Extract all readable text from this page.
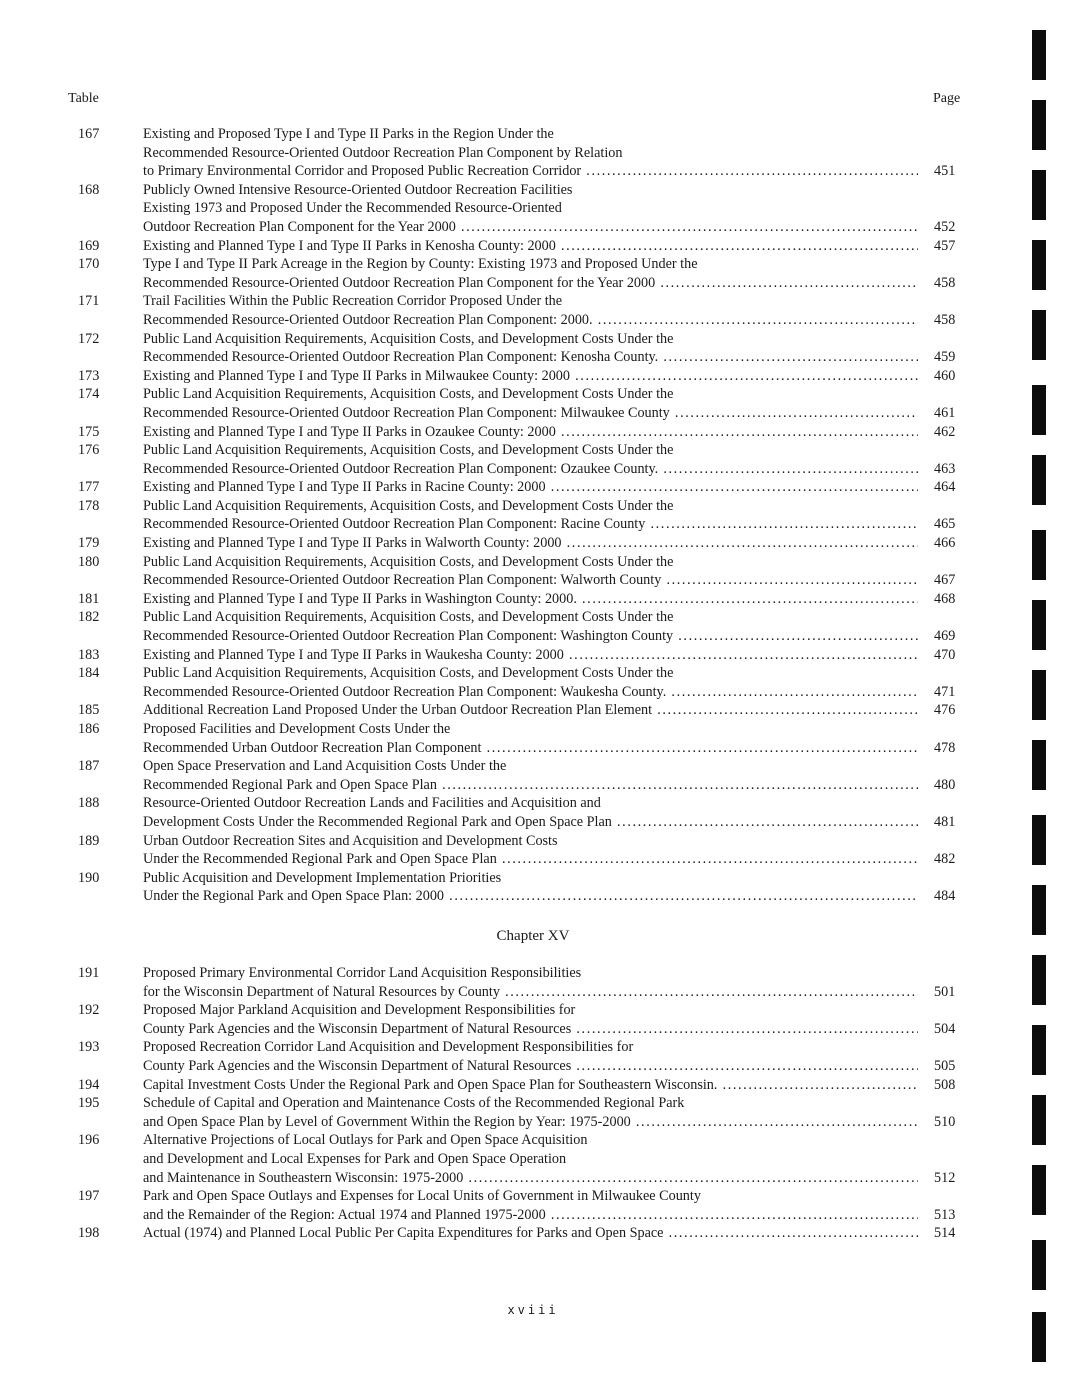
Table	Page
167	Existing and Proposed Type I and Type II Parks in the Region Under the
Recommended Resource-Oriented Outdoor Recreation Plan Component by Relation
to Primary Environmental Corridor and Proposed Public Recreation Corridor .....	451
168	Publicly Owned Intensive Resource-Oriented Outdoor Recreation Facilities
Existing 1973 and Proposed Under the Recommended Resource-Oriented
Outdoor Recreation Plan Component for the Year 2000 .....	452
169	Existing and Planned Type I and Type II Parks in Kenosha County: 2000 .....	457
170	Type I and Type II Park Acreage in the Region by County: Existing 1973 and Proposed Under the
Recommended Resource-Oriented Outdoor Recreation Plan Component for the Year 2000 .....	458
171	Trail Facilities Within the Public Recreation Corridor Proposed Under the
Recommended Resource-Oriented Outdoor Recreation Plan Component: 2000. .....	458
172	Public Land Acquisition Requirements, Acquisition Costs, and Development Costs Under the
Recommended Resource-Oriented Outdoor Recreation Plan Component: Kenosha County. .....	459
173	Existing and Planned Type I and Type II Parks in Milwaukee County: 2000 .....	460
174	Public Land Acquisition Requirements, Acquisition Costs, and Development Costs Under the
Recommended Resource-Oriented Outdoor Recreation Plan Component: Milwaukee County .....	461
175	Existing and Planned Type I and Type II Parks in Ozaukee County: 2000 .....	462
176	Public Land Acquisition Requirements, Acquisition Costs, and Development Costs Under the
Recommended Resource-Oriented Outdoor Recreation Plan Component: Ozaukee County. .....	463
177	Existing and Planned Type I and Type II Parks in Racine County: 2000 .....	464
178	Public Land Acquisition Requirements, Acquisition Costs, and Development Costs Under the
Recommended Resource-Oriented Outdoor Recreation Plan Component: Racine County .....	465
179	Existing and Planned Type I and Type II Parks in Walworth County: 2000 .....	466
180	Public Land Acquisition Requirements, Acquisition Costs, and Development Costs Under the
Recommended Resource-Oriented Outdoor Recreation Plan Component: Walworth County .....	467
181	Existing and Planned Type I and Type II Parks in Washington County: 2000. .....	468
182	Public Land Acquisition Requirements, Acquisition Costs, and Development Costs Under the
Recommended Resource-Oriented Outdoor Recreation Plan Component: Washington County .....	469
183	Existing and Planned Type I and Type II Parks in Waukesha County: 2000 .....	470
184	Public Land Acquisition Requirements, Acquisition Costs, and Development Costs Under the
Recommended Resource-Oriented Outdoor Recreation Plan Component: Waukesha County. .....	471
185	Additional Recreation Land Proposed Under the Urban Outdoor Recreation Plan Element .....	476
186	Proposed Facilities and Development Costs Under the
Recommended Urban Outdoor Recreation Plan Component .....	478
187	Open Space Preservation and Land Acquisition Costs Under the
Recommended Regional Park and Open Space Plan .....	480
188	Resource-Oriented Outdoor Recreation Lands and Facilities and Acquisition and
Development Costs Under the Recommended Regional Park and Open Space Plan .....	481
189	Urban Outdoor Recreation Sites and Acquisition and Development Costs
Under the Recommended Regional Park and Open Space Plan .....	482
190	Public Acquisition and Development Implementation Priorities
Under the Regional Park and Open Space Plan: 2000 .....	484
Chapter XV
191	Proposed Primary Environmental Corridor Land Acquisition Responsibilities
for the Wisconsin Department of Natural Resources by County .....	501
192	Proposed Major Parkland Acquisition and Development Responsibilities for
County Park Agencies and the Wisconsin Department of Natural Resources .....	504
193	Proposed Recreation Corridor Land Acquisition and Development Responsibilities for
County Park Agencies and the Wisconsin Department of Natural Resources .....	505
194	Capital Investment Costs Under the Regional Park and Open Space Plan for Southeastern Wisconsin. .....	508
195	Schedule of Capital and Operation and Maintenance Costs of the Recommended Regional Park
and Open Space Plan by Level of Government Within the Region by Year: 1975-2000 .....	510
196	Alternative Projections of Local Outlays for Park and Open Space Acquisition
and Development and Local Expenses for Park and Open Space Operation
and Maintenance in Southeastern Wisconsin: 1975-2000 .....	512
197	Park and Open Space Outlays and Expenses for Local Units of Government in Milwaukee County
and the Remainder of the Region: Actual 1974 and Planned 1975-2000 .....	513
198	Actual (1974) and Planned Local Public Per Capita Expenditures for Parks and Open Space .....	514
xviii
